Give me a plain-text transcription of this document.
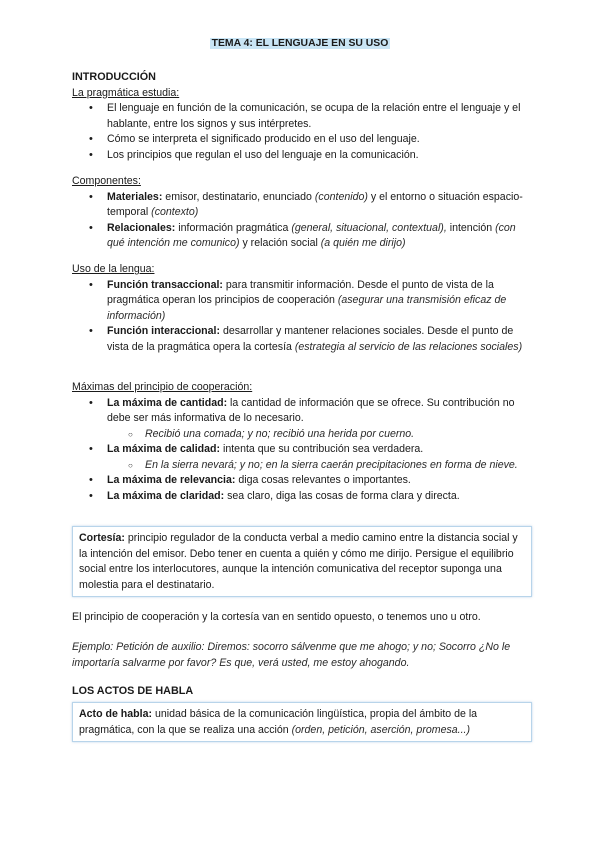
TEMA 4: EL LENGUAJE EN SU USO
INTRODUCCIÓN
La pragmática estudia:
• El lenguaje en función de la comunicación, se ocupa de la relación entre el lenguaje y el hablante, entre los signos y sus intérpretes.
• Cómo se interpreta el significado producido en el uso del lenguaje.
• Los principios que regulan el uso del lenguaje en la comunicación.
Componentes:
• Materiales: emisor, destinatario, enunciado (contenido) y el entorno o situación espacio-temporal (contexto)
• Relacionales: información pragmática (general, situacional, contextual), intención (con qué intención me comunico) y relación social (a quién me dirijo)
Uso de la lengua:
• Función transaccional: para transmitir información. Desde el punto de vista de la pragmática operan los principios de cooperación (asegurar una transmisión eficaz de información)
• Función interaccional: desarrollar y mantener relaciones sociales. Desde el punto de vista de la pragmática opera la cortesía (estrategia al servicio de las relaciones sociales)
Máximas del principio de cooperación:
• La máxima de cantidad: la cantidad de información que se ofrece. Su contribución no debe ser más informativa de lo necesario.
○ Recibió una comada; y no; recibió una herida por cuerno.
• La máxima de calidad: intenta que su contribución sea verdadera.
○ En la sierra nevará; y no; en la sierra caerán precipitaciones en forma de nieve.
• La máxima de relevancia: diga cosas relevantes o importantes.
• La máxima de claridad: sea claro, diga las cosas de forma clara y directa.
Cortesía: principio regulador de la conducta verbal a medio camino entre la distancia social y la intención del emisor. Debo tener en cuenta a quién y cómo me dirijo. Persigue el equilibrio social entre los interlocutores, aunque la intención comunicativa del receptor suponga una molestia para el destinatario.
El principio de cooperación y la cortesía van en sentido opuesto, o tenemos uno u otro.
Ejemplo: Petición de auxilio: Diremos: socorro sálvenme que me ahogo; y no; Socorro ¿No le importaría salvarme por favor? Es que, verá usted, me estoy ahogando.
LOS ACTOS DE HABLA
Acto de habla: unidad básica de la comunicación lingüística, propia del ámbito de la pragmática, con la que se realiza una acción (orden, petición, aserción, promesa...)
